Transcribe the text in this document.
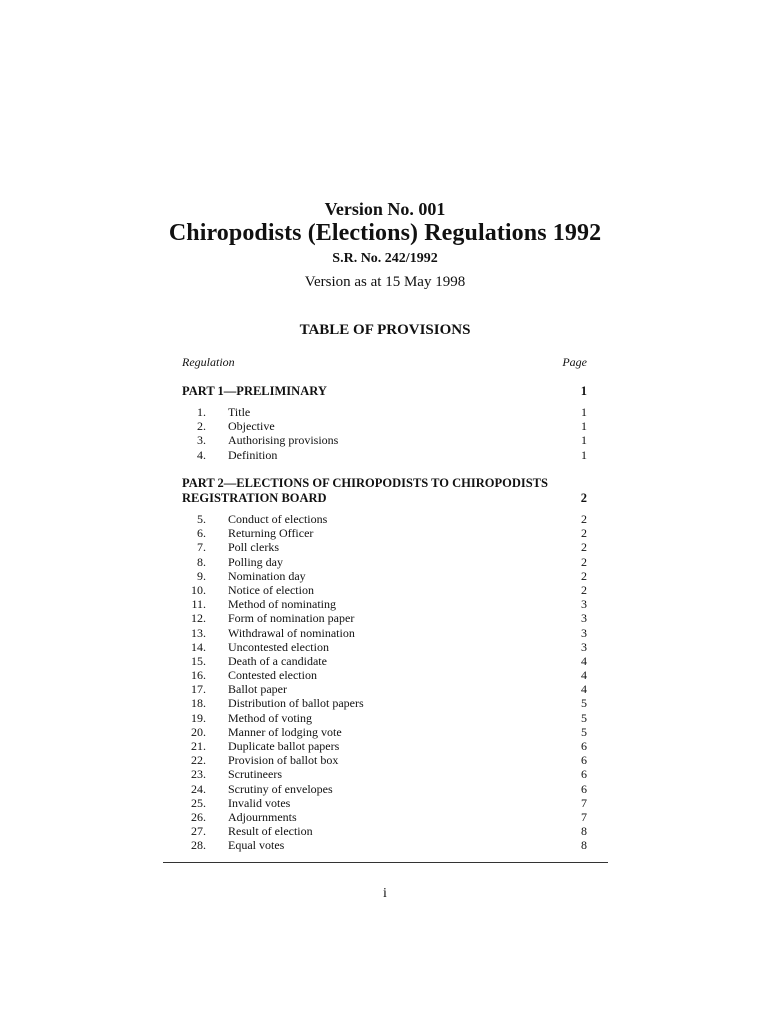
Version No. 001
Chiropodists (Elections) Regulations 1992
S.R. No. 242/1992
Version as at 15 May 1998
TABLE OF PROVISIONS
Regulation	Page
PART 1—PRELIMINARY	1
1. Title	1
2. Objective	1
3. Authorising provisions	1
4. Definition	1
PART 2—ELECTIONS OF CHIROPODISTS TO CHIROPODISTS
REGISTRATION BOARD	2
5. Conduct of elections	2
6. Returning Officer	2
7. Poll clerks	2
8. Polling day	2
9. Nomination day	2
10. Notice of election	2
11. Method of nominating	3
12. Form of nomination paper	3
13. Withdrawal of nomination	3
14. Uncontested election	3
15. Death of a candidate	4
16. Contested election	4
17. Ballot paper	4
18. Distribution of ballot papers	5
19. Method of voting	5
20. Manner of lodging vote	5
21. Duplicate ballot papers	6
22. Provision of ballot box	6
23. Scrutineers	6
24. Scrutiny of envelopes	6
25. Invalid votes	7
26. Adjournments	7
27. Result of election	8
28. Equal votes	8
i
